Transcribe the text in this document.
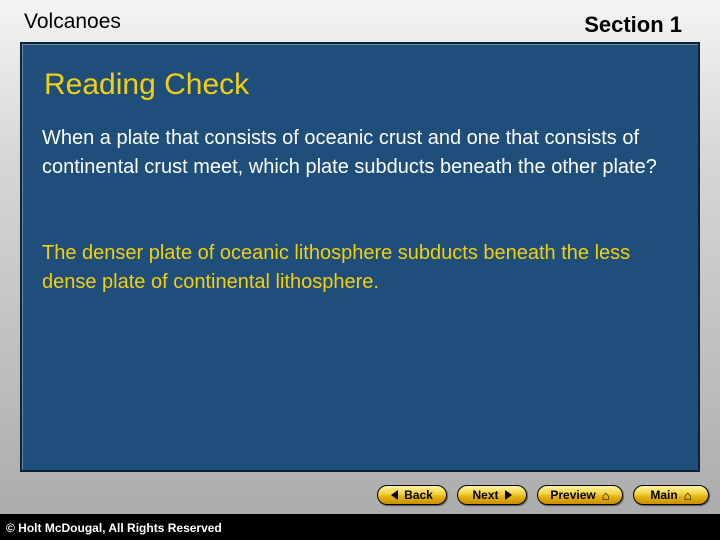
Volcanoes	Section 1
Reading Check
When a plate that consists of oceanic crust and one that consists of continental crust meet, which plate subducts beneath the other plate?
The denser plate of oceanic lithosphere subducts beneath the less dense plate of continental lithosphere.
Back	Next	Preview ⌂	Main ⌂
© Holt McDougal, All Rights Reserved
